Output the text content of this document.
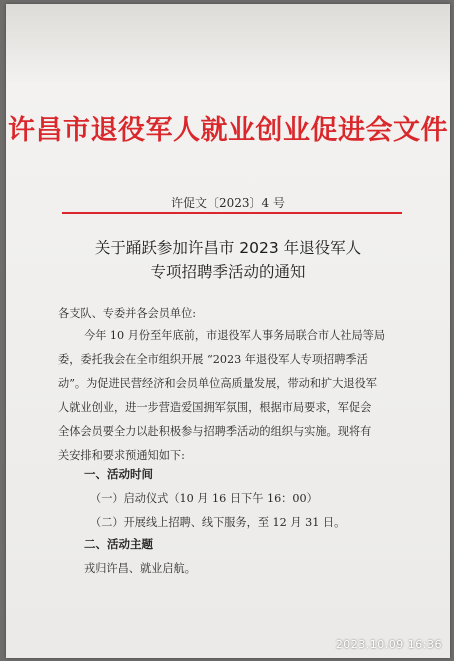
许昌市退役军人就业创业促进会文件
许促文〔2023〕4 号
关于踊跃参加许昌市 2023 年退役军人
专项招聘季活动的通知
各支队、专委并各会员单位:
今年 10 月份至年底前，市退役军人事务局联合市人社局等局
委，委托我会在全市组织开展 “2023 年退役军人专项招聘季活
动”。为促进民营经济和会员单位高质量发展，带动和扩大退役军
人就业创业，进一步营造爱国拥军氛围，根据市局要求，军促会
全体会员要全力以赴积极参与招聘季活动的组织与实施。现将有
关安排和要求预通知如下:
一、活动时间
（一）启动仪式（10 月 16 日下午 16：00）
（二）开展线上招聘、线下服务，至 12 月 31 日。
二、活动主题
戎归许昌、就业启航。
2023.10.09 16:36
